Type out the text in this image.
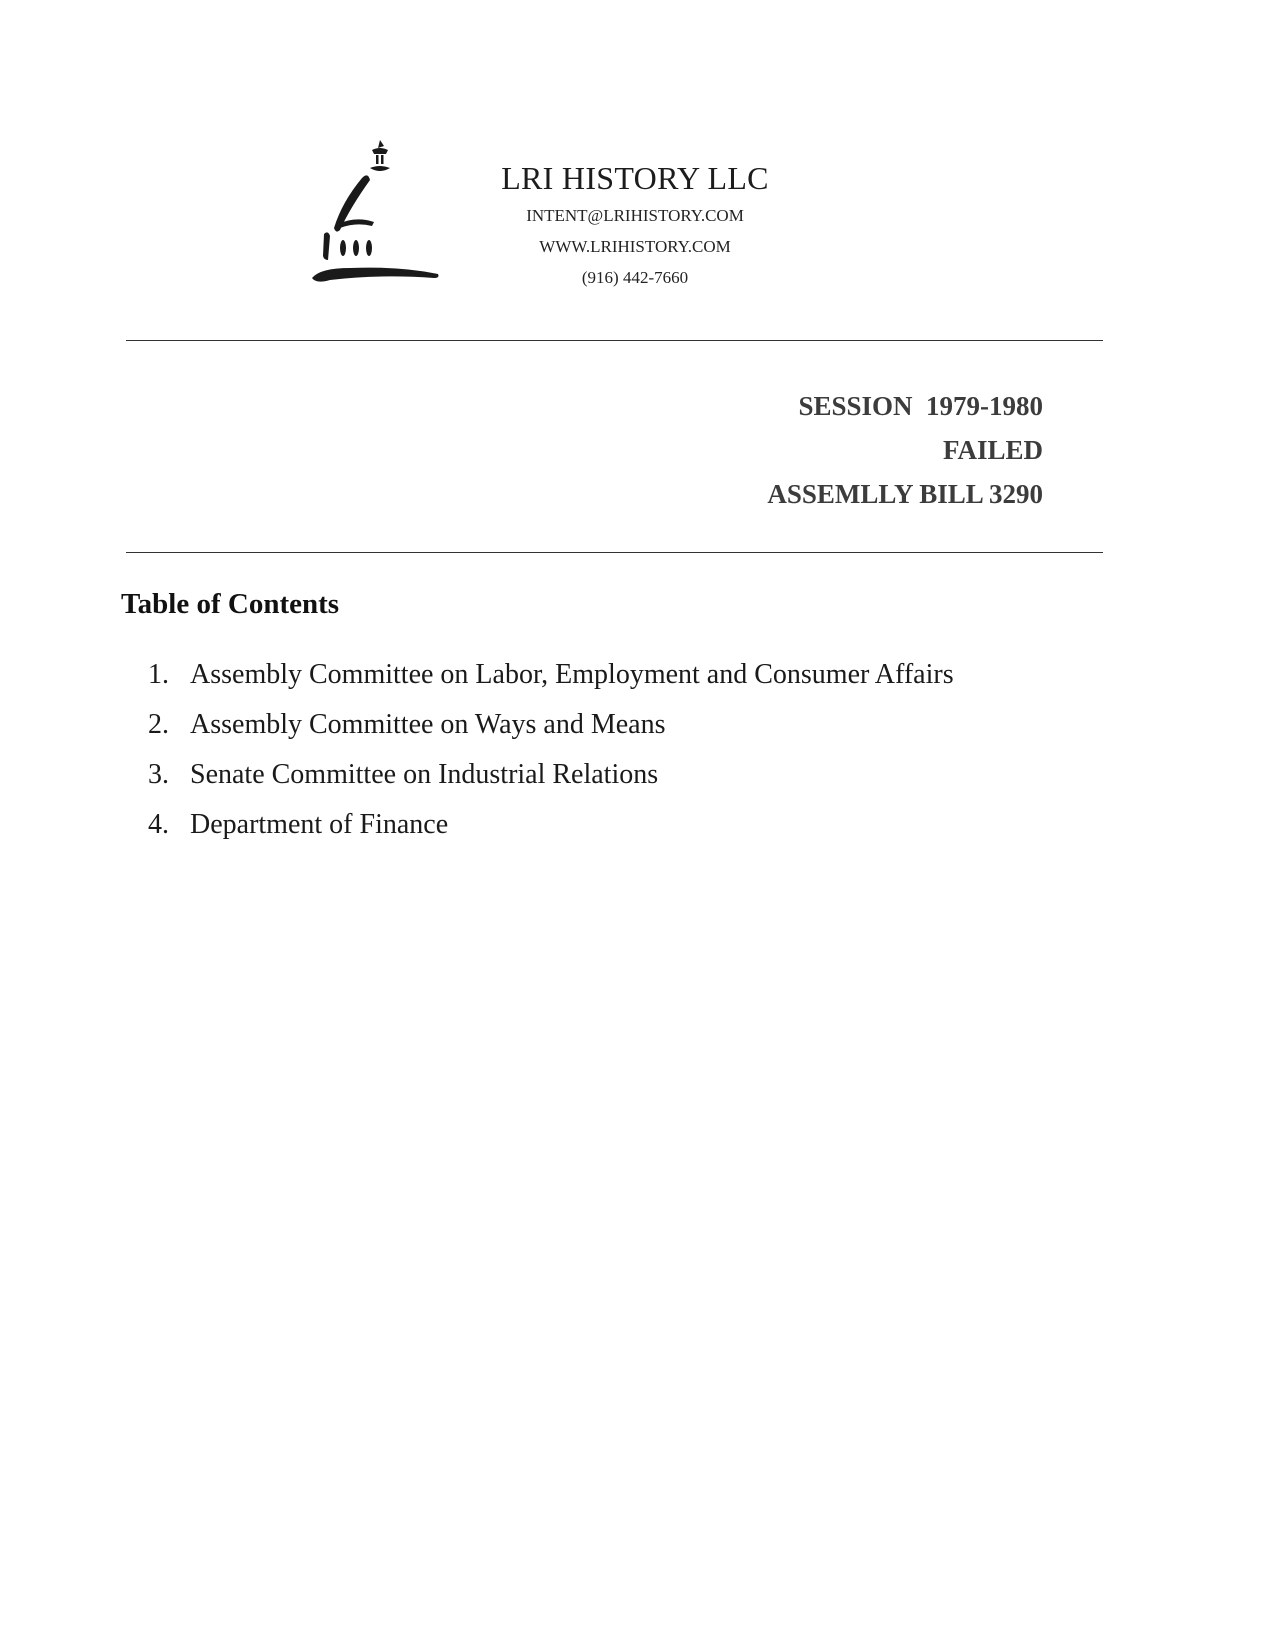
LRI HISTORY LLC
INTENT@LRIHISTORY.COM
WWW.LRIHISTORY.COM
(916) 442-7660
SESSION  1979-1980
FAILED
ASSEMLLY BILL 3290
Table of Contents
1. Assembly Committee on Labor, Employment and Consumer Affairs
2. Assembly Committee on Ways and Means
3. Senate Committee on Industrial Relations
4. Department of Finance
